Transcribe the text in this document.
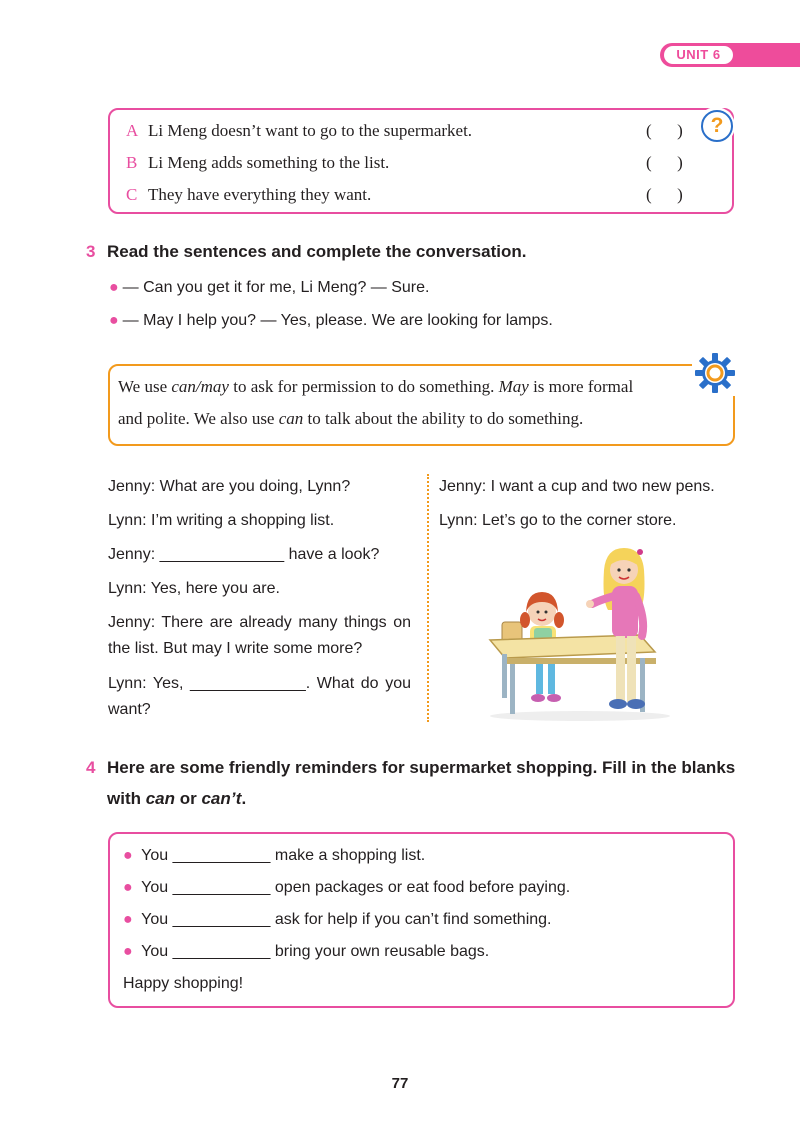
UNIT 6
A Li Meng doesn’t want to go to the supermarket.
B Li Meng adds something to the list.
C They have everything they want.
(      )
(      )
(      )
?
3 Read the sentences and complete the conversation.
● — Can you get it for me, Li Meng? — Sure.
● — May I help you? — Yes, please. We are looking for lamps.
We use can/may to ask for permission to do something. May is more formal
and polite. We also use can to talk about the ability to do something.
Jenny: What are you doing, Lynn?
Lynn: I’m writing a shopping list.
Jenny: ______________ have a look?
Lynn: Yes, here you are.
Jenny: There are already many things on the list. But may I write some more?
Lynn: Yes, _____________. What do you want?
Jenny: I want a cup and two new pens.
Lynn: Let’s go to the corner store.
4 Here are some friendly reminders for supermarket shopping. Fill in the blanks
with can or can’t.
● You ___________ make a shopping list.
● You ___________ open packages or eat food before paying.
● You ___________ ask for help if you can’t find something.
● You ___________ bring your own reusable bags.
Happy shopping!
77
